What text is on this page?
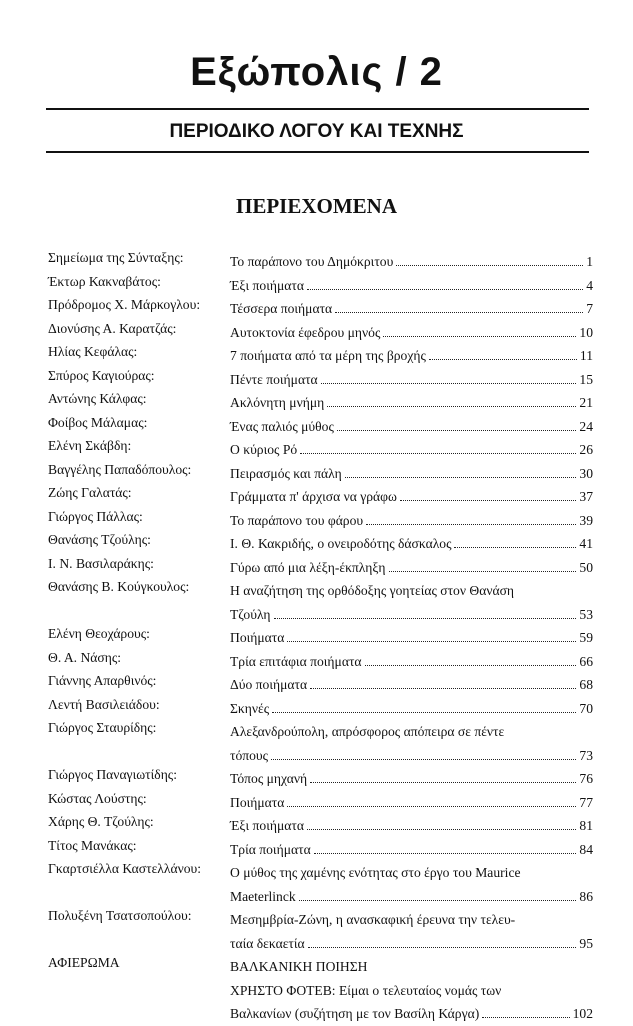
Εξώπολις / 2
ΠΕΡΙΟΔΙΚΟ ΛΟΓΟΥ ΚΑΙ ΤΕΧΝΗΣ
ΠΕΡΙΕΧΟΜΕΝΑ
Σημείωμα της Σύνταξης:	Το παράπονο του Δημόκριτου	1
Έκτωρ Κακναβάτος:	Έξι ποιήματα	4
Πρόδρομος Χ. Μάρκογλου: Τέσσερα ποιήματα	7
Διονύσης Α. Καρατζάς:	Αυτοκτονία έφεδρου μηνός	10
Ηλίας Κεφάλας:	7 ποιήματα από τα μέρη της βροχής	11
Σπύρος Καγιούρας:	Πέντε ποιήματα	15
Αντώνης Κάλφας:	Ακλόνητη μνήμη	21
Φοίβος Μάλαμας:	Ένας παλιός μύθος	24
Ελένη Σκάβδη:	Ο κύριος Ρό	26
Βαγγέλης Παπαδόπουλος:	Πειρασμός και πάλη	30
Ζώης Γαλατάς:	Γράμματα π' άρχισα να γράφω	37
Γιώργος Πάλλας:	Το παράπονο του φάρου	39
Θανάσης Τζούλης:	Ι. Θ. Κακριδής, ο ονειροδότης δάσκαλος	41
Ι. Ν. Βασιλαράκης:	Γύρω από μια λέξη-έκπληξη	50
Θανάσης Β. Κούγκουλος:	Η αναζήτηση της ορθόδοξης γοητείας στον Θανάση
Τζούλη	53
Ελένη Θεοχάρους:	Ποιήματα	59
Θ. Α. Νάσης:	Τρία επιτάφια ποιήματα	66
Γιάννης Απαρθινός:	Δύο ποιήματα	68
Λεντή Βασιλειάδου:	Σκηνές	70
Γιώργος Σταυρίδης:	Αλεξανδρούπολη, απρόσφορος απόπειρα σε πέντε
τόπους	73
Γιώργος Παναγιωτίδης:	Τόπος μηχανή	76
Κώστας Λούστης:	Ποιήματα	77
Χάρης Θ. Τζούλης:	Έξι ποιήματα	81
Τίτος Μανάκας:	Τρία ποιήματα	84
Γκαρτσιέλλα Καστελλάνου: Ο μύθος της χαμένης ενότητας στο έργο του Maurice
Maeterlinck	86
Πολυξένη Τσατσοπούλου:	Μεσημβρία-Ζώνη, η ανασκαφική έρευνα την τελευ-
ταία δεκαετία	95
ΑΦΙΕΡΩΜΑ	ΒΑΛΚΑΝΙΚΗ ΠΟΙΗΣΗ
ΧΡΗΣΤΟ ΦΟΤΕΒ: Είμαι ο τελευταίος νομάς των
Βαλκανίων (συζήτηση με τον Βασίλη Κάργα)	102
